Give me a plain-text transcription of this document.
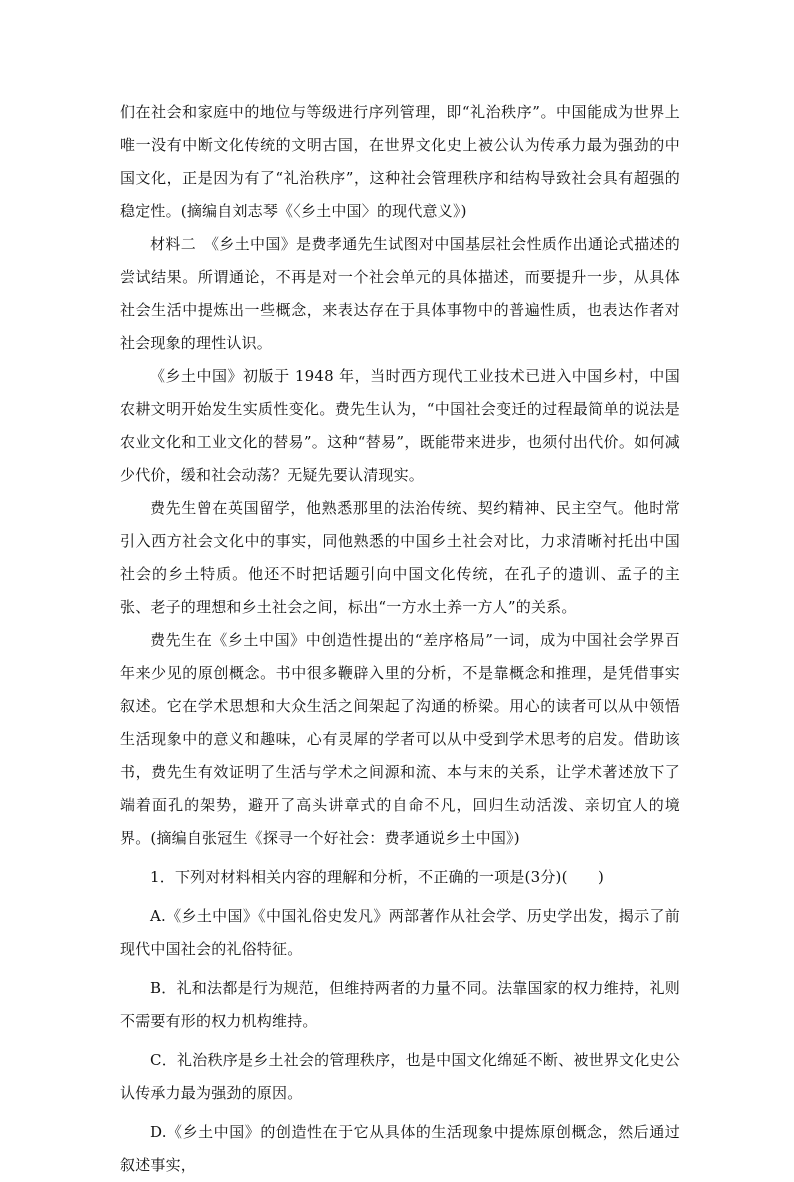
们在社会和家庭中的地位与等级进行序列管理，即“礼治秩序”。中国能成为世界上唯一没有中断文化传统的文明古国，在世界文化史上被公认为传承力最为强劲的中国文化，正是因为有了“礼治秩序”，这种社会管理秩序和结构导致社会具有超强的稳定性。(摘编自刘志琴《〈乡土中国〉的现代意义》)

材料二　《乡土中国》是费孝通先生试图对中国基层社会性质作出通论式描述的尝试结果。所谓通论，不再是对一个社会单元的具体描述，而要提升一步，从具体社会生活中提炼出一些概念，来表达存在于具体事物中的普遍性质，也表达作者对社会现象的理性认识。

《乡土中国》初版于 1948 年，当时西方现代工业技术已进入中国乡村，中国农耕文明开始发生实质性变化。费先生认为，“中国社会变迁的过程最简单的说法是农业文化和工业文化的替易”。这种“替易”，既能带来进步，也须付出代价。如何减少代价，缓和社会动荡？无疑先要认清现实。

费先生曾在英国留学，他熟悉那里的法治传统、契约精神、民主空气。他时常引入西方社会文化中的事实，同他熟悉的中国乡土社会对比，力求清晰衬托出中国社会的乡土特质。他还不时把话题引向中国文化传统，在孔子的遗训、孟子的主张、老子的理想和乡土社会之间，标出“一方水土养一方人”的关系。

费先生在《乡土中国》中创造性提出的“差序格局”一词，成为中国社会学界百年来少见的原创概念。书中很多鞭辟入里的分析，不是靠概念和推理，是凭借事实叙述。它在学术思想和大众生活之间架起了沟通的桥梁。用心的读者可以从中领悟生活现象中的意义和趣味，心有灵犀的学者可以从中受到学术思考的启发。借助该书，费先生有效证明了生活与学术之间源和流、本与末的关系，让学术著述放下了端着面孔的架势，避开了高头讲章式的自命不凡，回归生动活泼、亲切宜人的境界。(摘编自张冠生《探寻一个好社会：费孝通说乡土中国》)

1．下列对材料相关内容的理解和分析，不正确的一项是(3分)(　　)

A.《乡土中国》《中国礼俗史发凡》两部著作从社会学、历史学出发，揭示了前现代中国社会的礼俗特征。

B．礼和法都是行为规范，但维持两者的力量不同。法靠国家的权力维持，礼则不需要有形的权力机构维持。

C．礼治秩序是乡土社会的管理秩序，也是中国文化绵延不断、被世界文化史公认传承力最为强劲的原因。

D.《乡土中国》的创造性在于它从具体的生活现象中提炼原创概念，然后通过叙述事实，
